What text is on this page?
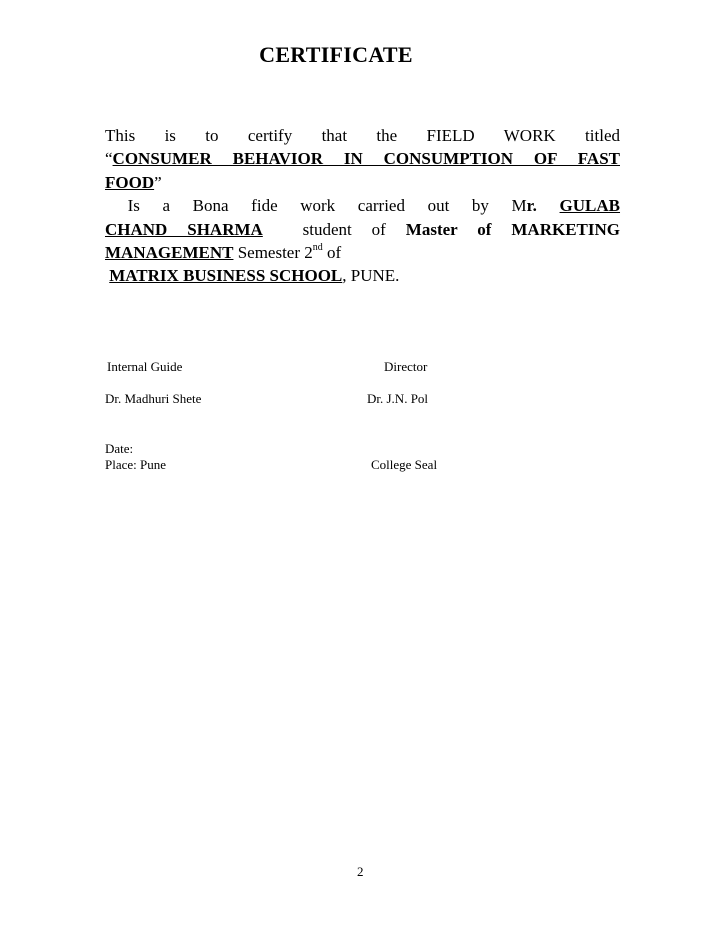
CERTIFICATE
This is to certify that the FIELD WORK titled
“CONSUMER BEHAVIOR IN CONSUMPTION OF FAST
FOOD”
Is a Bona fide work carried out by Mr. GULAB
CHAND SHARMA student of Master of MARKETING
MANAGEMENT Semester 2nd of
MATRIX BUSINESS SCHOOL, PUNE.
Internal Guide	Director
Dr. Madhuri Shete	Dr. J.N. Pol
Date:
Place: Pune	College Seal
2
